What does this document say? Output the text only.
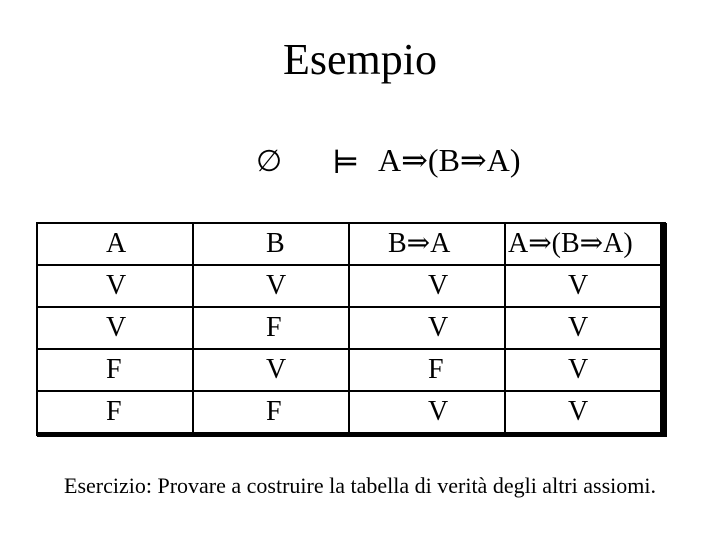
Esempio
∅ ⊨ A⇒(B⇒A)
A	B	B⇒A	A⇒(B⇒A)
V	V	V	V
V	F	V	V
F	V	F	V
F	F	V	V
Esercizio: Provare a costruire la tabella di verità degli altri assiomi.
